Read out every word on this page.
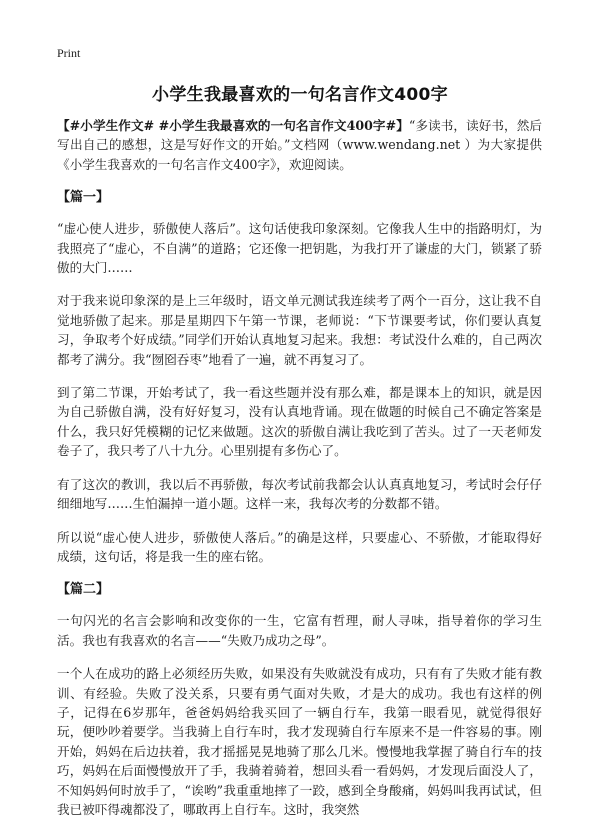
Print
小学生我最喜欢的一句名言作文400字

【#小学生作文# #小学生我最喜欢的一句名言作文400字#】“多读书，读好书，然后写出自己的感想，这是写好作文的开始。”文档网（www.wendang.net ）为大家提供《小学生我喜欢的一句名言作文400字》，欢迎阅读。

【篇一】

“虚心使人进步，骄傲使人落后”。这句话使我印象深刻。它像我人生中的指路明灯，为我照亮了“虚心，不自满”的道路；它还像一把钥匙，为我打开了谦虚的大门，锁紧了骄傲的大门……

对于我来说印象深的是上三年级时，语文单元测试我连续考了两个一百分，这让我不自觉地骄傲了起来。那是星期四下午第一节课，老师说：“下节课要考试，你们要认真复习，争取考个好成绩。”同学们开始认真地复习起来。我想：考试没什么难的，自己两次都考了满分。我“囫囵吞枣”地看了一遍，就不再复习了。

到了第二节课，开始考试了，我一看这些题并没有那么难，都是课本上的知识，就是因为自己骄傲自满，没有好好复习，没有认真地背诵。现在做题的时候自己不确定答案是什么，我只好凭模糊的记忆来做题。这次的骄傲自满让我吃到了苦头。过了一天老师发卷子了，我只考了八十九分。心里别提有多伤心了。

有了这次的教训，我以后不再骄傲，每次考试前我都会认认真真地复习，考试时会仔仔细细地写……生怕漏掉一道小题。这样一来，我每次考的分数都不错。

所以说“虚心使人进步，骄傲使人落后。”的确是这样，只要虚心、不骄傲，才能取得好成绩，这句话，将是我一生的座右铭。

【篇二】

一句闪光的名言会影响和改变你的一生，它富有哲理，耐人寻味，指导着你的学习生活。我也有我喜欢的名言——“失败乃成功之母”。

一个人在成功的路上必须经历失败，如果没有失败就没有成功，只有有了失败才能有教训、有经验。失败了没关系，只要有勇气面对失败，才是大的成功。我也有这样的例子，记得在6岁那年，爸爸妈妈给我买回了一辆自行车，我第一眼看见，就觉得很好玩，便吵吵着要学。当我骑上自行车时，我才发现骑自行车原来不是一件容易的事。刚开始，妈妈在后边扶着，我才摇摇晃晃地骑了那么几米。慢慢地我掌握了骑自行车的技巧，妈妈在后面慢慢放开了手，我骑着骑着，想回头看一看妈妈，才发现后面没人了，不知妈妈何时放手了，“诶哟”我重重地摔了一跤，感到全身酸痛，妈妈叫我再试试，但我已被吓得魂都没了，哪敢再上自行车。这时，我突然
